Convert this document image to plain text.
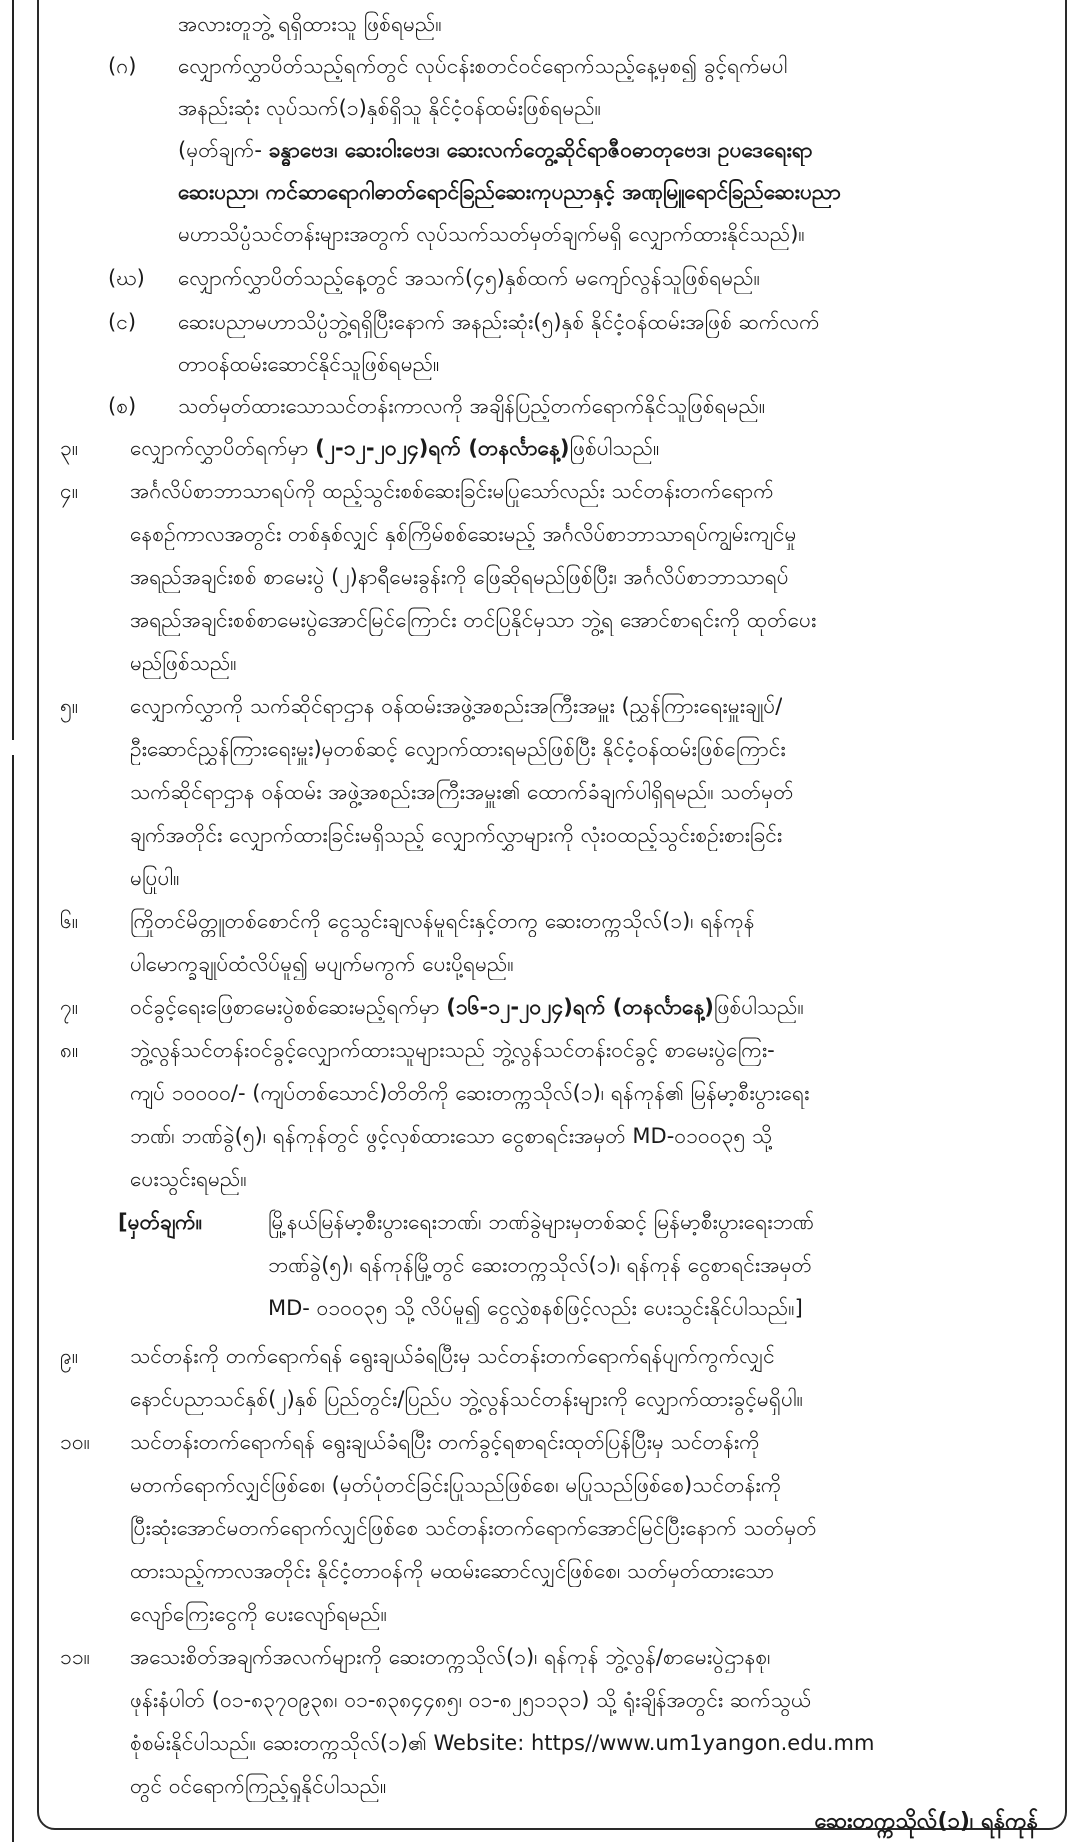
အလားတူဘွဲ့ ရရှိထားသူ ဖြစ်ရမည်။
(ဂ) လျှောက်လွှာပိတ်သည့်ရက်တွင် လုပ်ငန်းစတင်ဝင်ရောက်သည့်နေ့မှစ၍ ခွင့်ရက်မပါ
အနည်းဆုံး လုပ်သက်(၁)နှစ်ရှိသူ နိုင်ငံ့ဝန်ထမ်းဖြစ်ရမည်။
(မှတ်ချက်- ခန္ဓာဗေဒ၊ ဆေးဝါးဗေဒ၊ ဆေးလက်တွေ့ဆိုင်ရာဇီဝဓာတုဗေဒ၊ ဥပဒေရေးရာ
ဆေးပညာ၊ ကင်ဆာရောဂါဓာတ်ရောင်ခြည်ဆေးကုပညာနှင့် အဏုမြူရောင်ခြည်ဆေးပညာ
မဟာသိပ္ပံသင်တန်းများအတွက် လုပ်သက်သတ်မှတ်ချက်မရှိ လျှောက်ထားနိုင်သည်)။
(ဃ) လျှောက်လွှာပိတ်သည့်နေ့တွင် အသက်(၄၅)နှစ်ထက် မကျော်လွန်သူဖြစ်ရမည်။
(င) ဆေးပညာမဟာသိပ္ပံဘွဲ့ရရှိပြီးနောက် အနည်းဆုံး(၅)နှစ် နိုင်ငံ့ဝန်ထမ်းအဖြစ် ဆက်လက်
တာဝန်ထမ်းဆောင်နိုင်သူဖြစ်ရမည်။
(စ) သတ်မှတ်ထားသောသင်တန်းကာလကို အချိန်ပြည့်တက်ရောက်နိုင်သူဖြစ်ရမည်။
၃။ လျှောက်လွှာပိတ်ရက်မှာ (၂-၁၂-၂၀၂၄)ရက် (တနင်္လာနေ့)ဖြစ်ပါသည်။
၄။ အင်္ဂလိပ်စာဘာသာရပ်ကို ထည့်သွင်းစစ်ဆေးခြင်းမပြုသော်လည်း သင်တန်းတက်ရောက်
နေစဉ်ကာလအတွင်း တစ်နှစ်လျှင် နှစ်ကြိမ်စစ်ဆေးမည့် အင်္ဂလိပ်စာဘာသာရပ်ကျွမ်းကျင်မှု
အရည်အချင်းစစ် စာမေးပွဲ (၂)နာရီမေးခွန်းကို ဖြေဆိုရမည်ဖြစ်ပြီး၊ အင်္ဂလိပ်စာဘာသာရပ်
အရည်အချင်းစစ်စာမေးပွဲအောင်မြင်ကြောင်း တင်ပြနိုင်မှသာ ဘွဲ့ရ အောင်စာရင်းကို ထုတ်ပေး
မည်ဖြစ်သည်။
၅။ လျှောက်လွှာကို သက်ဆိုင်ရာဌာန ဝန်ထမ်းအဖွဲ့အစည်းအကြီးအမှူး (ညွှန်ကြားရေးမှူးချုပ်/
ဦးဆောင်ညွှန်ကြားရေးမှူး)မှတစ်ဆင့် လျှောက်ထားရမည်ဖြစ်ပြီး နိုင်ငံ့ဝန်ထမ်းဖြစ်ကြောင်း
သက်ဆိုင်ရာဌာန ဝန်ထမ်း အဖွဲ့အစည်းအကြီးအမှူး၏ ထောက်ခံချက်ပါရှိရမည်။ သတ်မှတ်
ချက်အတိုင်း လျှောက်ထားခြင်းမရှိသည့် လျှောက်လွှာများကို လုံးဝထည့်သွင်းစဉ်းစားခြင်း
မပြုပါ။
၆။ ကြိုတင်မိတ္တူတစ်စောင်ကို ငွေသွင်းချလန်မူရင်းနှင့်တကွ ဆေးတက္ကသိုလ်(၁)၊ ရန်ကုန်
ပါမောက္ခချုပ်ထံလိပ်မူ၍ မပျက်မကွက် ပေးပို့ရမည်။
၇။ ဝင်ခွင့်ရေးဖြေစာမေးပွဲစစ်ဆေးမည့်ရက်မှာ (၁၆-၁၂-၂၀၂၄)ရက် (တနင်္လာနေ့)ဖြစ်ပါသည်။
၈။ ဘွဲ့လွန်သင်တန်းဝင်ခွင့်လျှောက်ထားသူများသည် ဘွဲ့လွန်သင်တန်းဝင်ခွင့် စာမေးပွဲကြေး-
ကျပ် ၁၀၀၀၀/- (ကျပ်တစ်သောင်)တိတိကို ဆေးတက္ကသိုလ်(၁)၊ ရန်ကုန်၏ မြန်မာ့စီးပွားရေး
ဘဏ်၊ ဘဏ်ခွဲ(၅)၊ ရန်ကုန်တွင် ဖွင့်လှစ်ထားသော ငွေစာရင်းအမှတ် MD-၀၁၀၀၃၅ သို့
ပေးသွင်းရမည်။
[မှတ်ချက်။	မြို့နယ်မြန်မာ့စီးပွားရေးဘဏ်၊ ဘဏ်ခွဲများမှတစ်ဆင့် မြန်မာ့စီးပွားရေးဘဏ်
ဘဏ်ခွဲ(၅)၊ ရန်ကုန်မြို့တွင် ဆေးတက္ကသိုလ်(၁)၊ ရန်ကုန် ငွေစာရင်းအမှတ်
MD- ၀၁၀၀၃၅ သို့ လိပ်မူ၍ ငွေလွှဲစနစ်ဖြင့်လည်း ပေးသွင်းနိုင်ပါသည်။]
၉။ သင်တန်းကို တက်ရောက်ရန် ရွေးချယ်ခံရပြီးမှ သင်တန်းတက်ရောက်ရန်ပျက်ကွက်လျှင်
နောင်ပညာသင်နှစ်(၂)နှစ် ပြည်တွင်း/ပြည်ပ ဘွဲ့လွန်သင်တန်းများကို လျှောက်ထားခွင့်မရှိပါ။
၁၀။ သင်တန်းတက်ရောက်ရန် ရွေးချယ်ခံရပြီး တက်ခွင့်ရစာရင်းထုတ်ပြန်ပြီးမှ သင်တန်းကို
မတက်ရောက်လျှင်ဖြစ်စေ၊ (မှတ်ပုံတင်ခြင်းပြုသည်ဖြစ်စေ၊ မပြုသည်ဖြစ်စေ)သင်တန်းကို
ပြီးဆုံးအောင်မတက်ရောက်လျှင်ဖြစ်စေ သင်တန်းတက်ရောက်အောင်မြင်ပြီးနောက် သတ်မှတ်
ထားသည့်ကာလအတိုင်း နိုင်ငံ့တာဝန်ကို မထမ်းဆောင်လျှင်ဖြစ်စေ၊ သတ်မှတ်ထားသော
လျော်ကြေးငွေကို ပေးလျော်ရမည်။
၁၁။ အသေးစိတ်အချက်အလက်များကို ဆေးတက္ကသိုလ်(၁)၊ ရန်ကုန် ဘွဲ့လွန်/စာမေးပွဲဌာနစု၊
ဖုန်းနံပါတ် (၀၁-၈၃၇၀၉၃၈၊ ၀၁-၈၃၈၄၄၈၅၊ ၀၁-၈၂၅၁၁၃၁) သို့ ရုံးချိန်အတွင်း ဆက်သွယ်
စုံစမ်းနိုင်ပါသည်။ ဆေးတက္ကသိုလ်(၁)၏ Website: https//www.um1yangon.edu.mm
တွင် ဝင်ရောက်ကြည့်ရှုနိုင်ပါသည်။
ဆေးတက္ကသိုလ်(၁)၊ ရန်ကုန်
